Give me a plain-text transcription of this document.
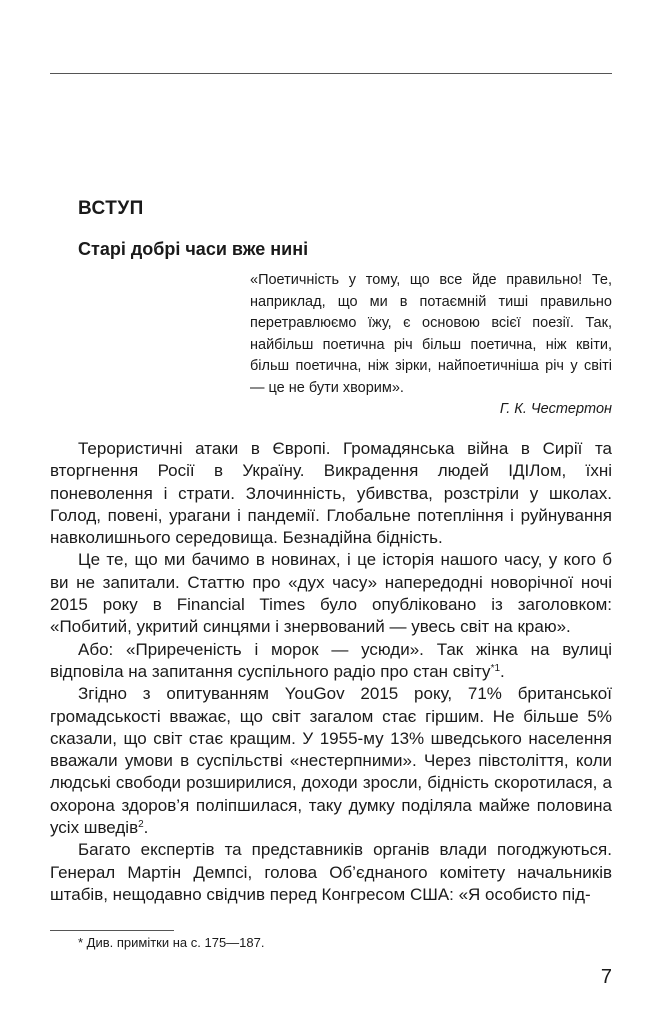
ВСТУП
Старі добрі часи вже нині
«Поетичність у тому, що все йде правильно! Те, наприклад, що ми в потаємній тиші правильно перетравлюємо їжу, є основою всієї поезії. Так, найбільш поетична річ більш поетична, ніж квіти, більш поетична, ніж зірки, найпоетичніша річ у світі — це не бути хворим».
Г. К. Честертон

Терористичні атаки в Європі. Громадянська війна в Сирії та вторгнення Росії в Україну. Викрадення людей ІДІЛом, їхні поневолення і страти. Злочинність, убивства, розстріли у школах. Голод, повені, урагани і пандемії. Глобальне потепління і руйнування навколишнього середовища. Безнадійна бідність.

Це те, що ми бачимо в новинах, і це історія нашого часу, у кого б ви не запитали. Статтю про «дух часу» напередодні новорічної ночі 2015 року в Financial Times було опубліковано із заголовком: «Побитий, укритий синцями і знервований — увесь світ на краю».

Або: «Приреченість і морок — усюди». Так жінка на вулиці відповіла на запитання суспільного радіо про стан світу$^{*1}$.

Згідно з опитуванням YouGov 2015 року, 71% британської громадськості вважає, що світ загалом стає гіршим. Не більше 5% сказали, що світ стає кращим. У 1955-му 13% шведського населення вважали умови в суспільстві «нестерпними». Через півстоліття, коли людські свободи розширилися, доходи зросли, бідність скоротилася, а охорона здоров’я поліпшилася, таку думку поділяла майже половина усіх шведів$^2$.

Багато експертів та представників органів влади погоджуються. Генерал Мартін Демпсі, голова Об’єднаного комітету начальників штабів, нещодавно свідчив перед Конгресом США: «Я особисто під-

* Див. примітки на с. 175—187.
7
